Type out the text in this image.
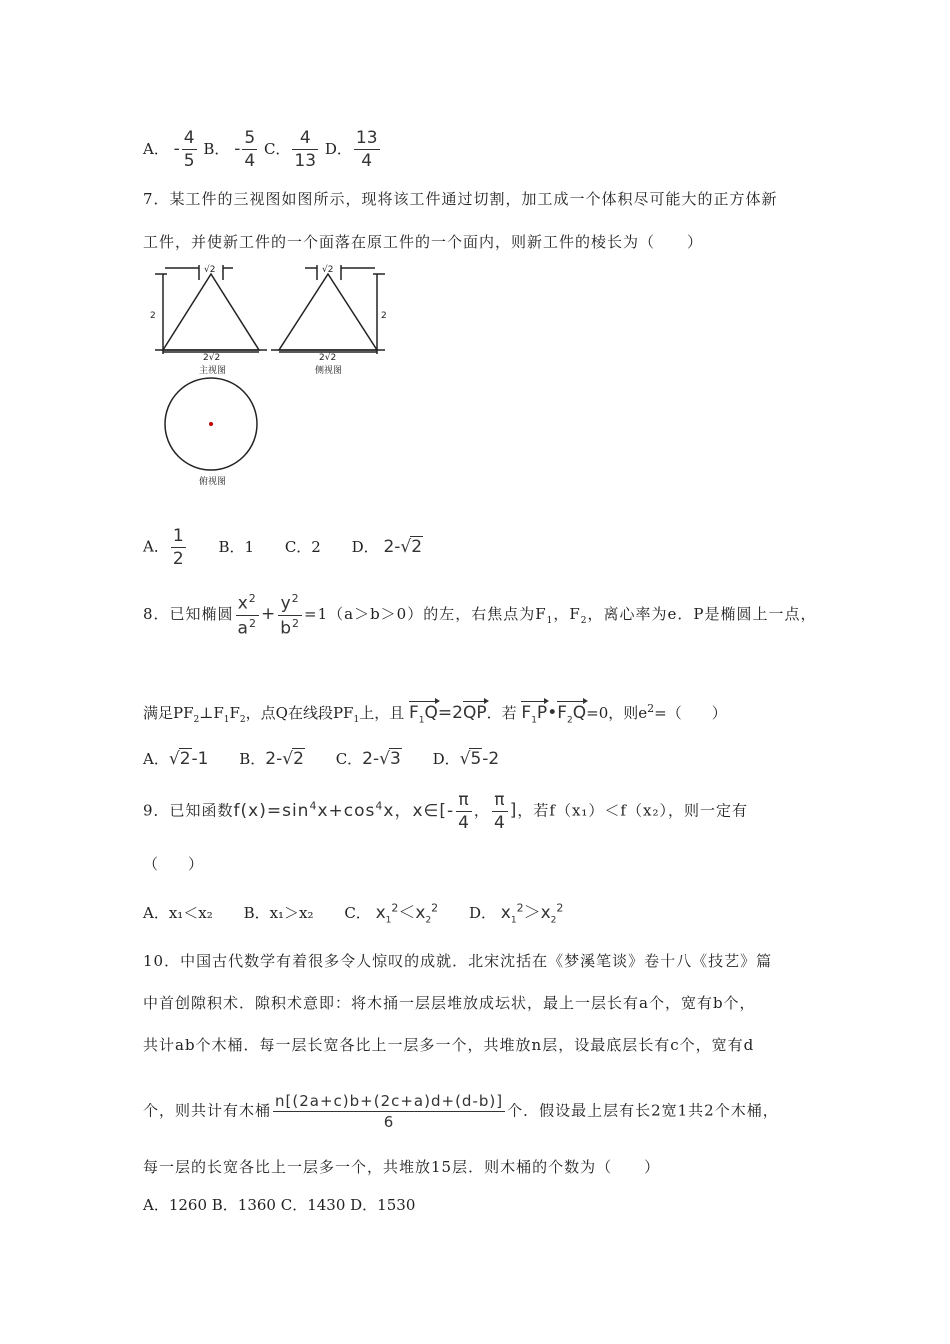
A． - $\frac{4}{5}$ B． - $\frac{5}{4}$ C． $\frac{4}{13}$ D． $\frac{13}{4}$
7．某工件的三视图如图所示，现将该工件通过切割，加工成一个体积尽可能大的正方体新
工件，并使新工件的一个面落在原工件的一个面内，则新工件的棱长为（　　）
√2
2
2√2
主视图
√2
2
2√2
侧视图
俯视图
A． $\frac{1}{2}$ B．1 C．2 D． 2-√2
8．已知椭圆 $\frac{x^2}{a^2} + \frac{y^2}{b^2} =1(a>b>0)$的左，右焦点为$F_1$，$F_2$，离心率为e．P是椭圆上一点，
满足$PF_2\perp F_1F_2$，点Q在线段$PF_1$上，且 $F_1Q=2QP$．若 $F_1P•F_2Q=0$，则$e^2=$（　　）
A．√2-1 B．2-√2 C．2-√3 D．√5-2
9．已知函数$f(x)=\sin^4x+\cos^4x$，x∈[- $\frac{\pi}{4}$ ， $\frac{\pi}{4}$ ]，若f（x₁）＜f（x₂），则一定有
（　　）
A．x₁＜x₂ B．x₁＞x₂ C． $x_1^2<x_2^2$ D． $x_1^2>x_2^2$
10．中国古代数学有着很多令人惊叹的成就．北宋沈括在《梦溪笔谈》卷十八《技艺》篇
中首创隙积术．隙积术意即：将木捅一层层堆放成坛状，最上一层长有a个，宽有b个，
共计ab个木桶．每一层长宽各比上一层多一个，共堆放n层，设最底层长有c个，宽有d
个，则共计有木桶 $\frac{n[(2a+c)b+(2c+a)d+(d-b)]}{6}$ 个．假设最上层有长2宽1共2个木桶，
每一层的长宽各比上一层多一个，共堆放15层．则木桶的个数为（　　）
A．1260 B．1360 C．1430 D．1530
